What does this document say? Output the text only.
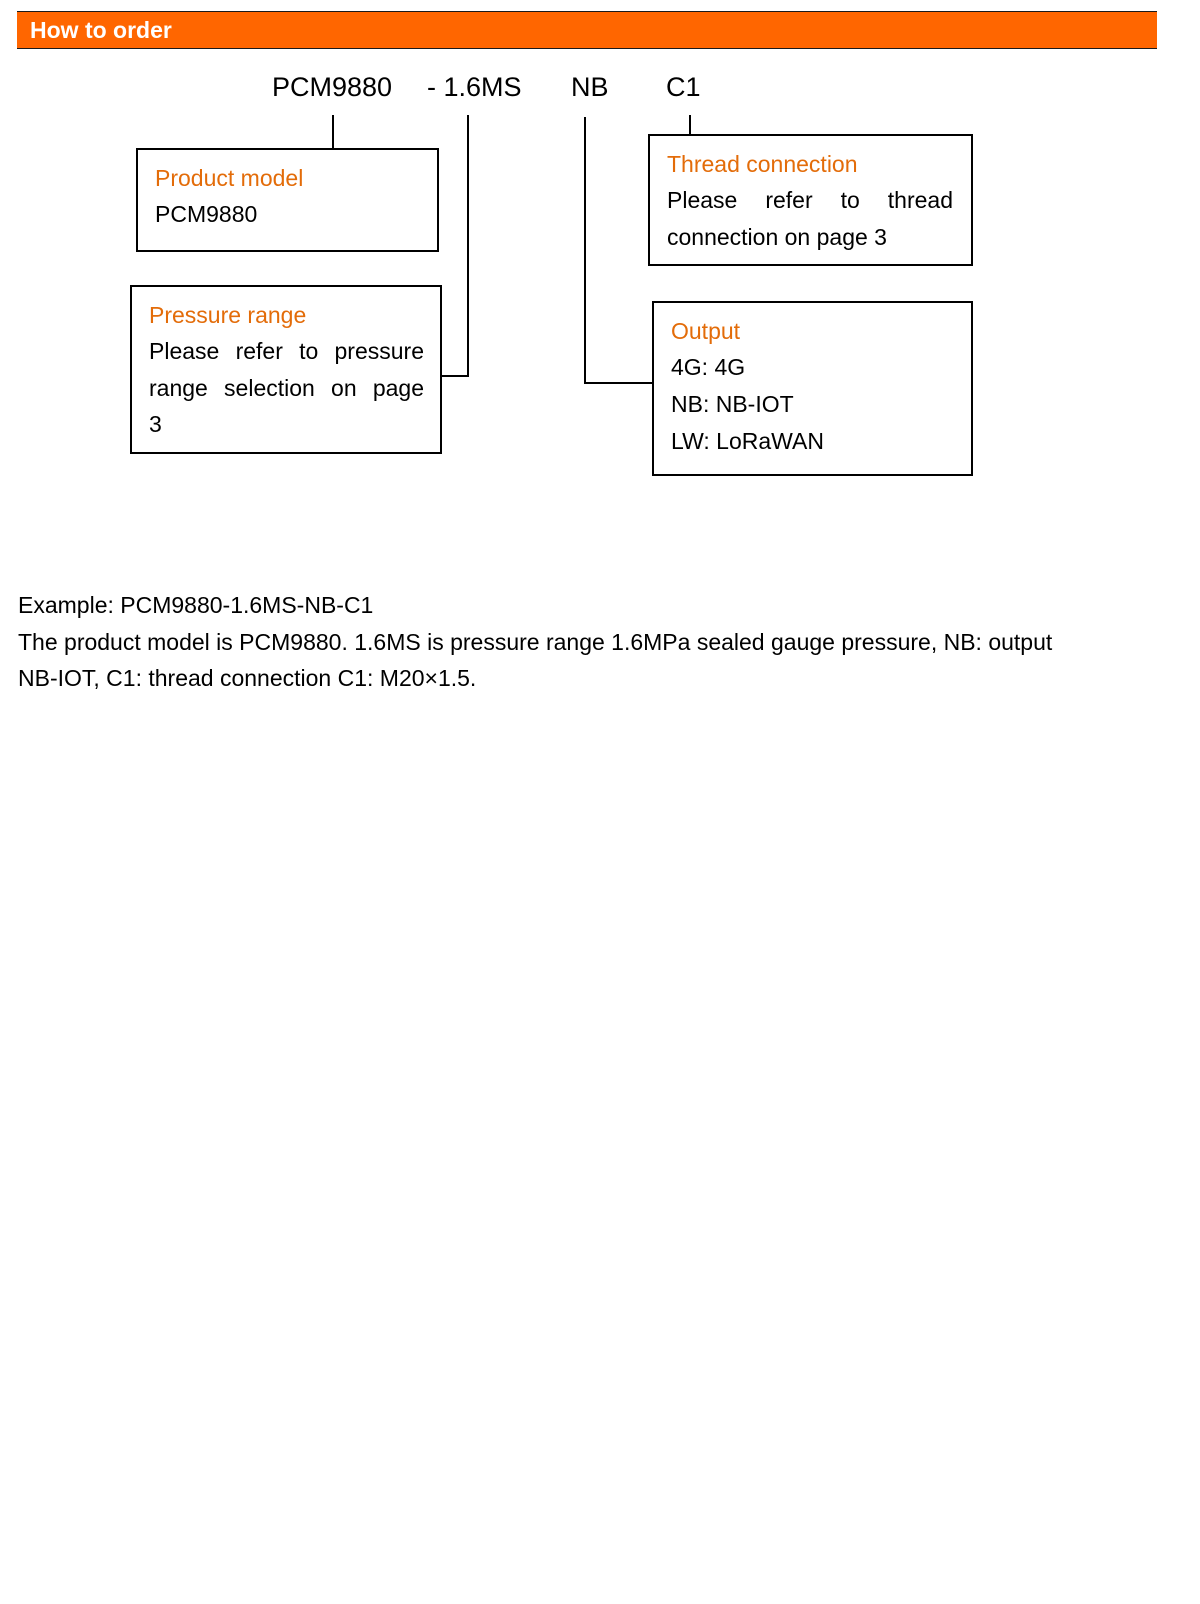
How to order
PCM9880 - 1.6MS NB C1
Product model
PCM9880
Thread connection
Please refer to thread
connection on page 3
Pressure range
Please refer to pressure
range selection on page
3
Output
4G: 4G
NB: NB-IOT
LW: LoRaWAN
Example: PCM9880-1.6MS-NB-C1
The product model is PCM9880. 1.6MS is pressure range 1.6MPa sealed gauge pressure, NB: output
NB-IOT, C1: thread connection C1: M20×1.5.
